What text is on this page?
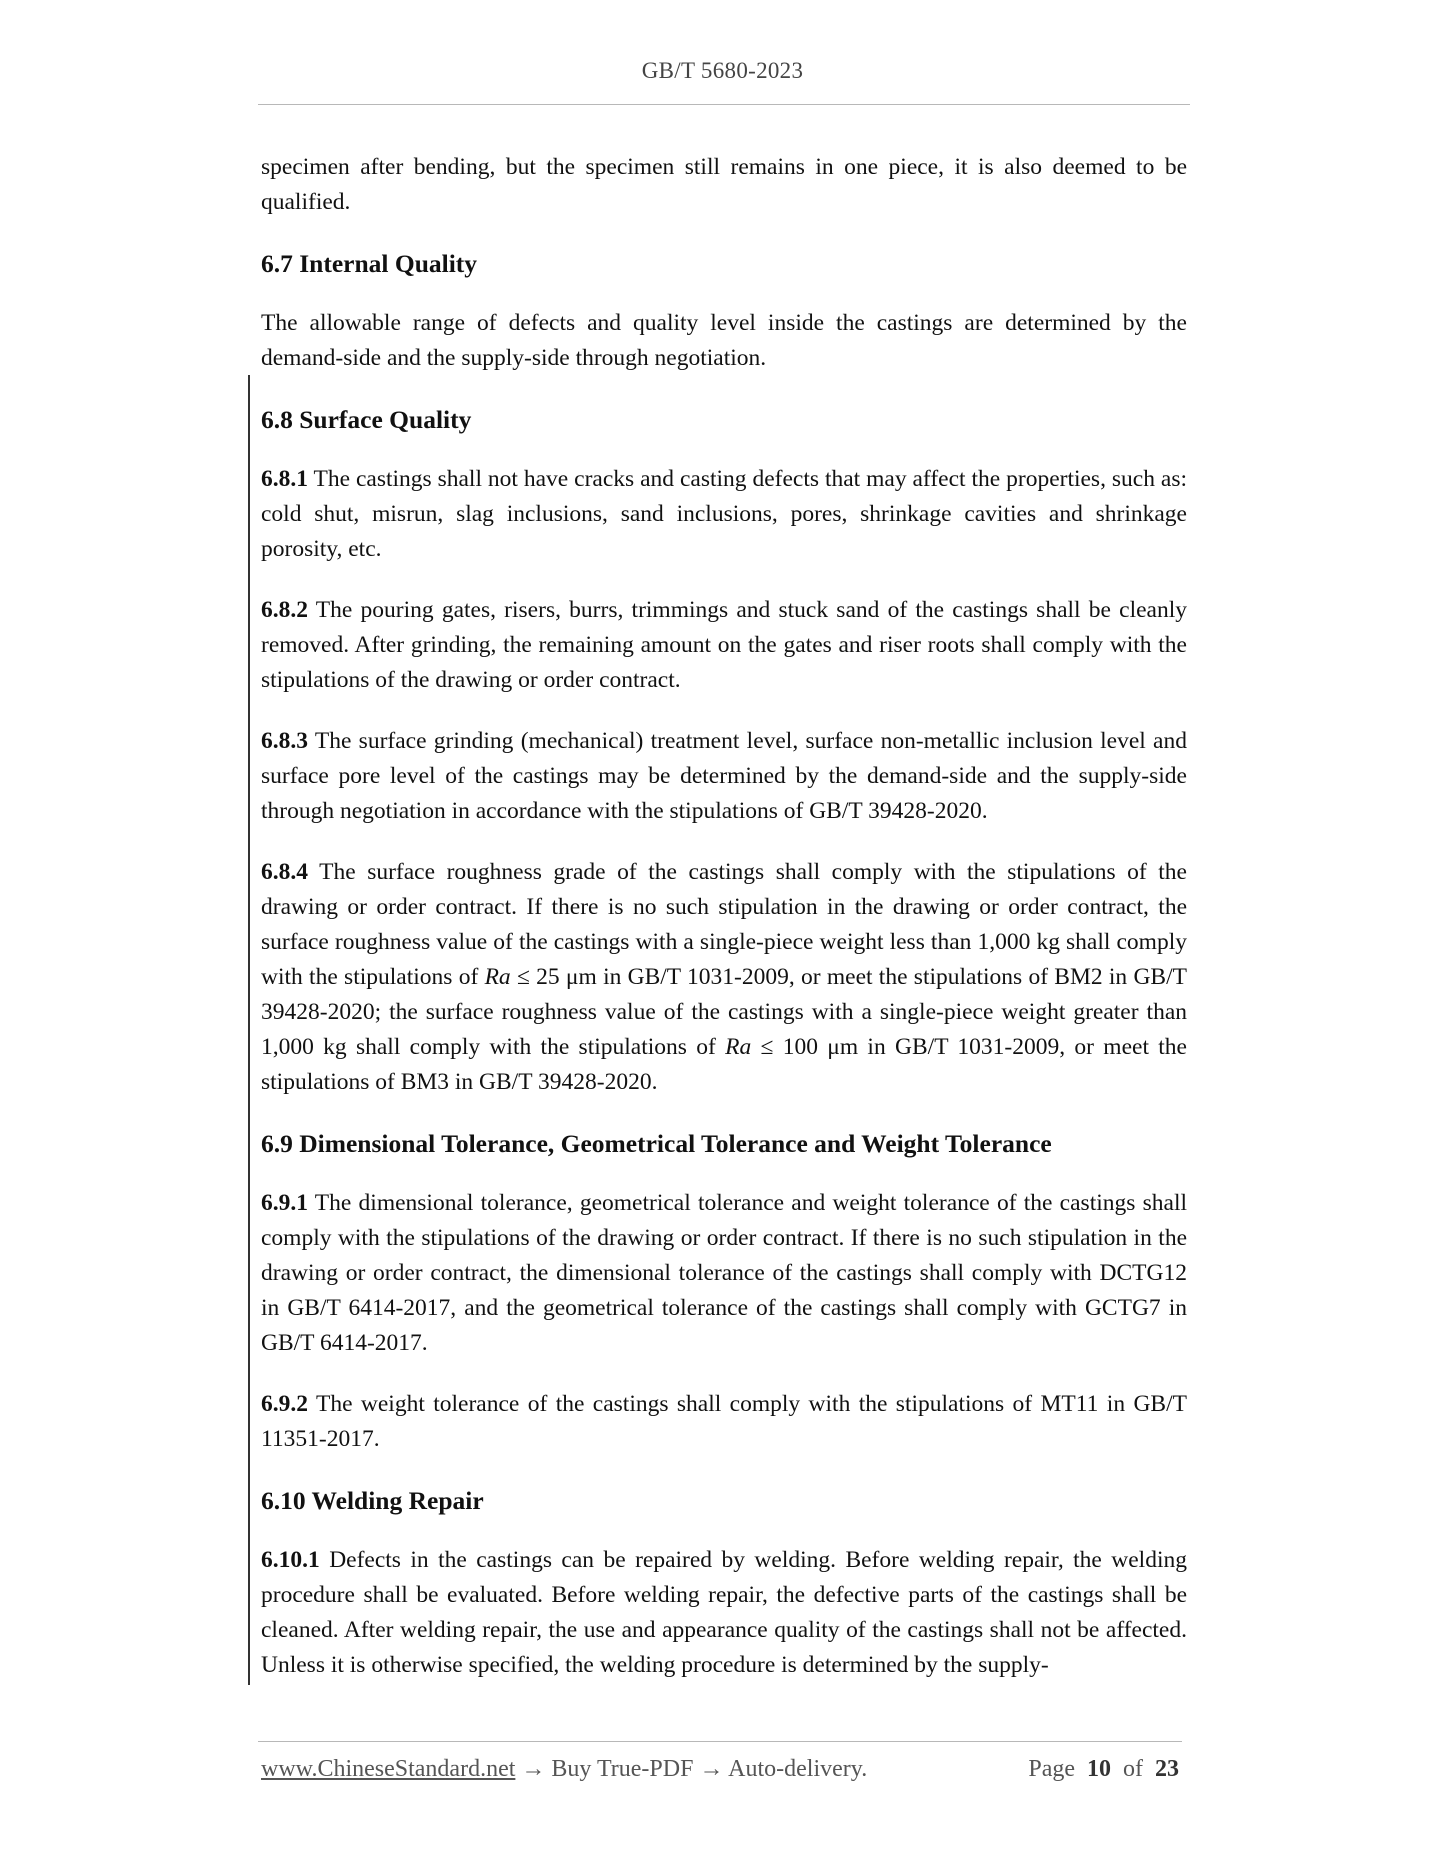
GB/T 5680-2023

specimen after bending, but the specimen still remains in one piece, it is also deemed to be qualified.

6.7 Internal Quality

The allowable range of defects and quality level inside the castings are determined by the demand-side and the supply-side through negotiation.

6.8 Surface Quality

6.8.1 The castings shall not have cracks and casting defects that may affect the properties, such as: cold shut, misrun, slag inclusions, sand inclusions, pores, shrinkage cavities and shrinkage porosity, etc.

6.8.2 The pouring gates, risers, burrs, trimmings and stuck sand of the castings shall be cleanly removed. After grinding, the remaining amount on the gates and riser roots shall comply with the stipulations of the drawing or order contract.

6.8.3 The surface grinding (mechanical) treatment level, surface non-metallic inclusion level and surface pore level of the castings may be determined by the demand-side and the supply-side through negotiation in accordance with the stipulations of GB/T 39428-2020.

6.8.4 The surface roughness grade of the castings shall comply with the stipulations of the drawing or order contract. If there is no such stipulation in the drawing or order contract, the surface roughness value of the castings with a single-piece weight less than 1,000 kg shall comply with the stipulations of Ra ≤ 25 μm in GB/T 1031-2009, or meet the stipulations of BM2 in GB/T 39428-2020; the surface roughness value of the castings with a single-piece weight greater than 1,000 kg shall comply with the stipulations of Ra ≤ 100 μm in GB/T 1031-2009, or meet the stipulations of BM3 in GB/T 39428-2020.

6.9 Dimensional Tolerance, Geometrical Tolerance and Weight Tolerance

6.9.1 The dimensional tolerance, geometrical tolerance and weight tolerance of the castings shall comply with the stipulations of the drawing or order contract. If there is no such stipulation in the drawing or order contract, the dimensional tolerance of the castings shall comply with DCTG12 in GB/T 6414-2017, and the geometrical tolerance of the castings shall comply with GCTG7 in GB/T 6414-2017.

6.9.2 The weight tolerance of the castings shall comply with the stipulations of MT11 in GB/T 11351-2017.

6.10 Welding Repair

6.10.1 Defects in the castings can be repaired by welding. Before welding repair, the welding procedure shall be evaluated. Before welding repair, the defective parts of the castings shall be cleaned. After welding repair, the use and appearance quality of the castings shall not be affected. Unless it is otherwise specified, the welding procedure is determined by the supply-

www.ChineseStandard.net → Buy True-PDF → Auto-delivery.	Page 10 of 23
